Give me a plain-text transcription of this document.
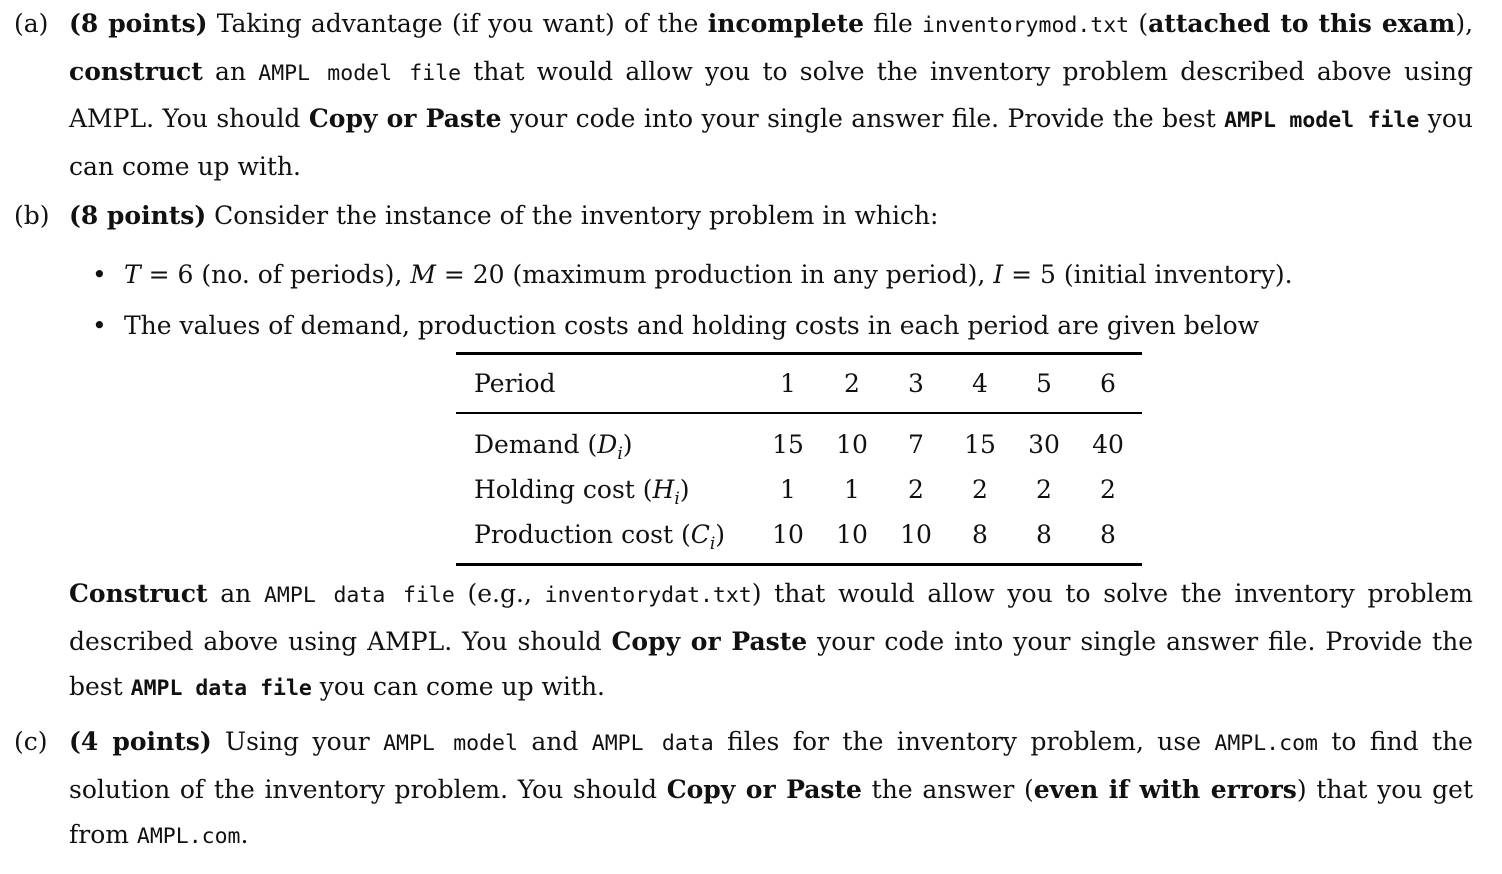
(a) (8 points) Taking advantage (if you want) of the incomplete file inventorymod.txt (attached to this exam), construct an AMPL model file that would allow you to solve the inventory problem described above using AMPL. You should Copy or Paste your code into your single answer file. Provide the best AMPL model file you can come up with.
(b) (8 points) Consider the instance of the inventory problem in which:
• T = 6 (no. of periods), M = 20 (maximum production in any period), I = 5 (initial inventory).
• The values of demand, production costs and holding costs in each period are given below
Period	1	2	3	4	5	6
Demand $(D_i)$	15	10	7	15	30	40
Holding cost $(H_i)$	1	1	2	2	2	2
Production cost $(C_i)$	10	10	10	8	8	8
Construct an AMPL data file (e.g., inventorydat.txt) that would allow you to solve the inventory problem described above using AMPL. You should Copy or Paste your code into your single answer file. Provide the best AMPL data file you can come up with.
(c) (4 points) Using your AMPL model and AMPL data files for the inventory problem, use AMPL.com to find the solution of the inventory problem. You should Copy or Paste the answer (even if with errors) that you get from AMPL.com.
